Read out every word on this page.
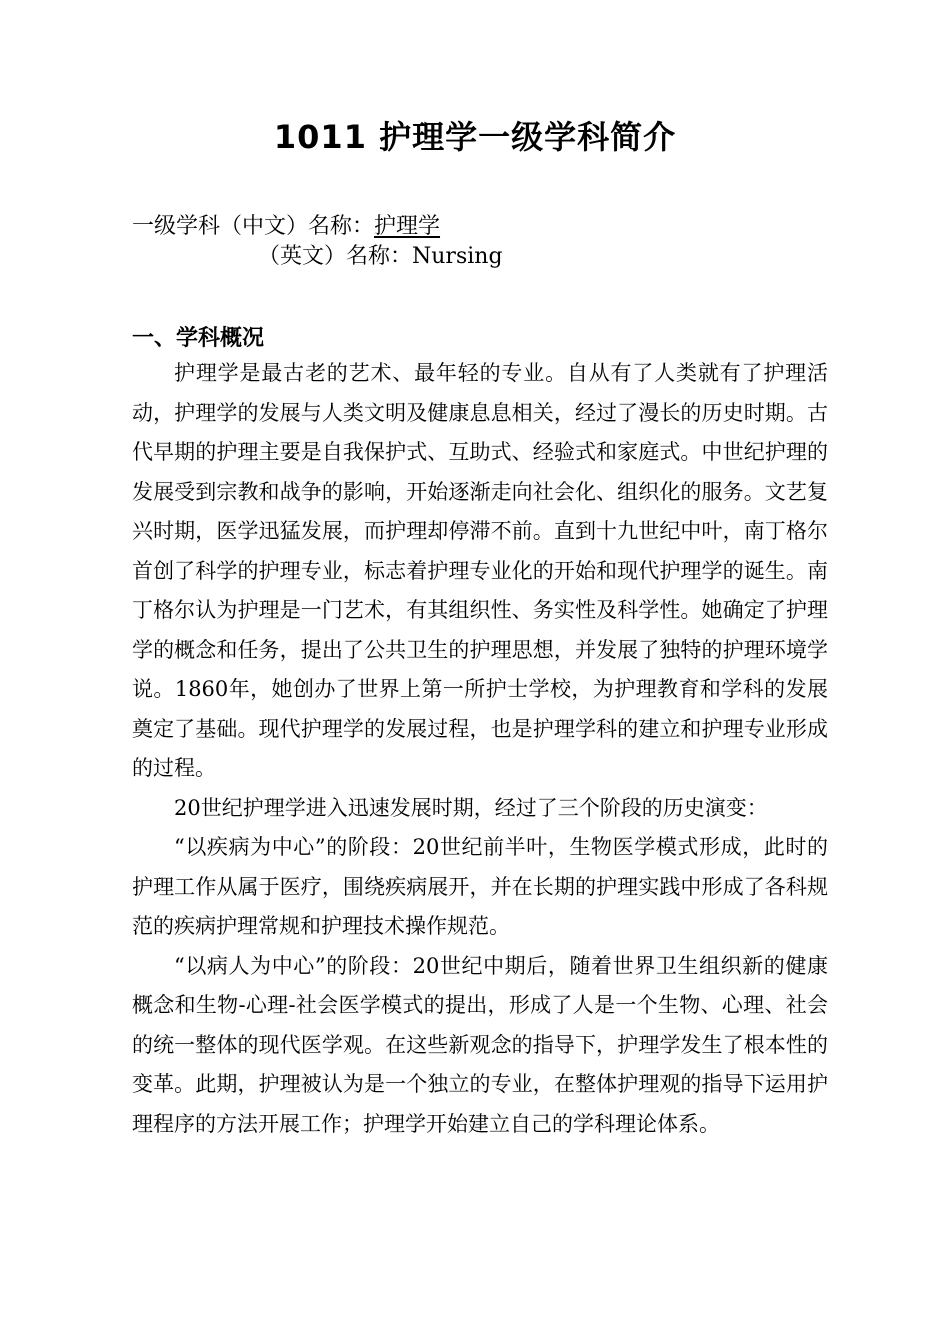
1011 护理学一级学科简介
一级学科（中文）名称：护理学
（英文）名称：Nursing
一、学科概况

护理学是最古老的艺术、最年轻的专业。自从有了人类就有了护理活动，护理学的发展与人类文明及健康息息相关，经过了漫长的历史时期。古代早期的护理主要是自我保护式、互助式、经验式和家庭式。中世纪护理的发展受到宗教和战争的影响，开始逐渐走向社会化、组织化的服务。文艺复兴时期，医学迅猛发展，而护理却停滞不前。直到十九世纪中叶，南丁格尔首创了科学的护理专业，标志着护理专业化的开始和现代护理学的诞生。南丁格尔认为护理是一门艺术，有其组织性、务实性及科学性。她确定了护理学的概念和任务，提出了公共卫生的护理思想，并发展了独特的护理环境学说。1860年，她创办了世界上第一所护士学校，为护理教育和学科的发展奠定了基础。现代护理学的发展过程，也是护理学科的建立和护理专业形成的过程。

20世纪护理学进入迅速发展时期，经过了三个阶段的历史演变：

“以疾病为中心”的阶段：20世纪前半叶，生物医学模式形成，此时的护理工作从属于医疗，围绕疾病展开，并在长期的护理实践中形成了各科规范的疾病护理常规和护理技术操作规范。

“以病人为中心”的阶段：20世纪中期后，随着世界卫生组织新的健康概念和生物-心理-社会医学模式的提出，形成了人是一个生物、心理、社会的统一整体的现代医学观。在这些新观念的指导下，护理学发生了根本性的变革。此期，护理被认为是一个独立的专业，在整体护理观的指导下运用护理程序的方法开展工作；护理学开始建立自己的学科理论体系。
